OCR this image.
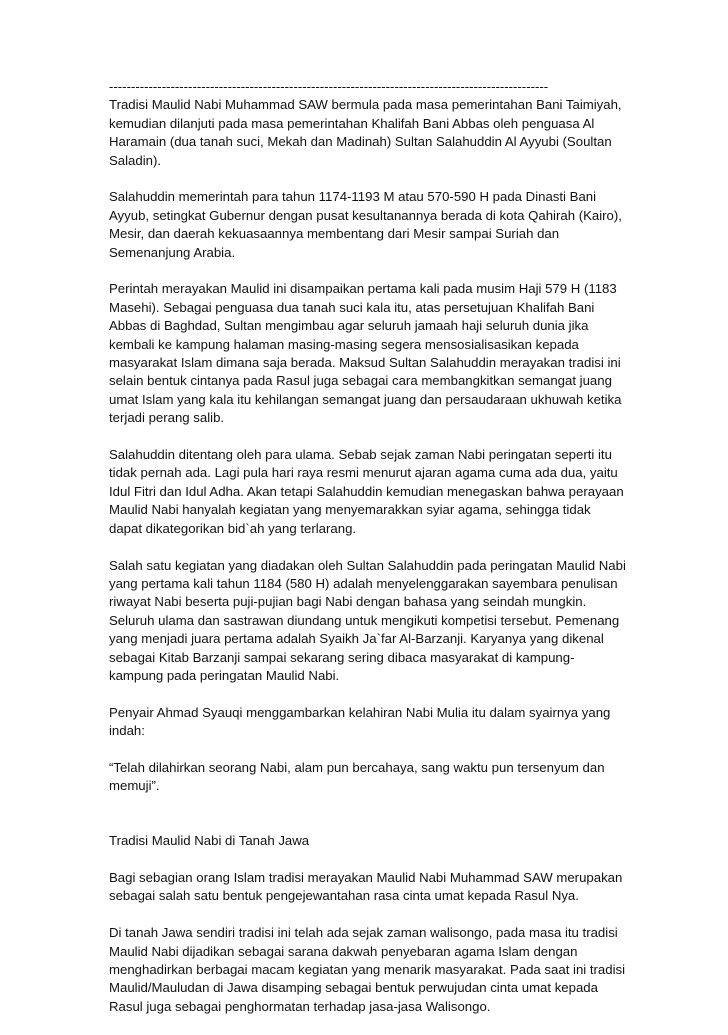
----------------------------------------------------------------------------------------------------
Tradisi Maulid Nabi Muhammad SAW bermula pada masa pemerintahan Bani Taimiyah,
kemudian dilanjuti pada masa pemerintahan Khalifah Bani Abbas oleh penguasa Al
Haramain (dua tanah suci, Mekah dan Madinah) Sultan Salahuddin Al Ayyubi (Soultan
Saladin).
Salahuddin memerintah para tahun 1174-1193 M atau 570-590 H pada Dinasti Bani
Ayyub, setingkat Gubernur dengan pusat kesultanannya berada di kota Qahirah (Kairo),
Mesir, dan daerah kekuasaannya membentang dari Mesir sampai Suriah dan
Semenanjung Arabia.
Perintah merayakan Maulid ini disampaikan pertama kali pada musim Haji 579 H (1183
Masehi). Sebagai penguasa dua tanah suci kala itu, atas persetujuan Khalifah Bani
Abbas di Baghdad, Sultan mengimbau agar seluruh jamaah haji seluruh dunia jika
kembali ke kampung halaman masing-masing segera mensosialisasikan kepada
masyarakat Islam dimana saja berada. Maksud Sultan Salahuddin merayakan tradisi ini
selain bentuk cintanya pada Rasul juga sebagai cara membangkitkan semangat juang
umat Islam yang kala itu kehilangan semangat juang dan persaudaraan ukhuwah ketika
terjadi perang salib.
Salahuddin ditentang oleh para ulama. Sebab sejak zaman Nabi peringatan seperti itu
tidak pernah ada. Lagi pula hari raya resmi menurut ajaran agama cuma ada dua, yaitu
Idul Fitri dan Idul Adha. Akan tetapi Salahuddin kemudian menegaskan bahwa perayaan
Maulid Nabi hanyalah kegiatan yang menyemarakkan syiar agama, sehingga tidak
dapat dikategorikan bid`ah yang terlarang.
Salah satu kegiatan yang diadakan oleh Sultan Salahuddin pada peringatan Maulid Nabi
yang pertama kali tahun 1184 (580 H) adalah menyelenggarakan sayembara penulisan
riwayat Nabi beserta puji-pujian bagi Nabi dengan bahasa yang seindah mungkin.
Seluruh ulama dan sastrawan diundang untuk mengikuti kompetisi tersebut. Pemenang
yang menjadi juara pertama adalah Syaikh Ja`far Al-Barzanji. Karyanya yang dikenal
sebagai Kitab Barzanji sampai sekarang sering dibaca masyarakat di kampung-
kampung pada peringatan Maulid Nabi.
Penyair Ahmad Syauqi menggambarkan kelahiran Nabi Mulia itu dalam syairnya yang
indah:
“Telah dilahirkan seorang Nabi, alam pun bercahaya, sang waktu pun tersenyum dan
memuji”.
Tradisi Maulid Nabi di Tanah Jawa
Bagi sebagian orang Islam tradisi merayakan Maulid Nabi Muhammad SAW merupakan
sebagai salah satu bentuk pengejewantahan rasa cinta umat kepada Rasul Nya.
Di tanah Jawa sendiri tradisi ini telah ada sejak zaman walisongo, pada masa itu tradisi
Maulid Nabi dijadikan sebagai sarana dakwah penyebaran agama Islam dengan
menghadirkan berbagai macam kegiatan yang menarik masyarakat. Pada saat ini tradisi
Maulid/Mauludan di Jawa disamping sebagai bentuk perwujudan cinta umat kepada
Rasul juga sebagai penghormatan terhadap jasa-jasa Walisongo.
